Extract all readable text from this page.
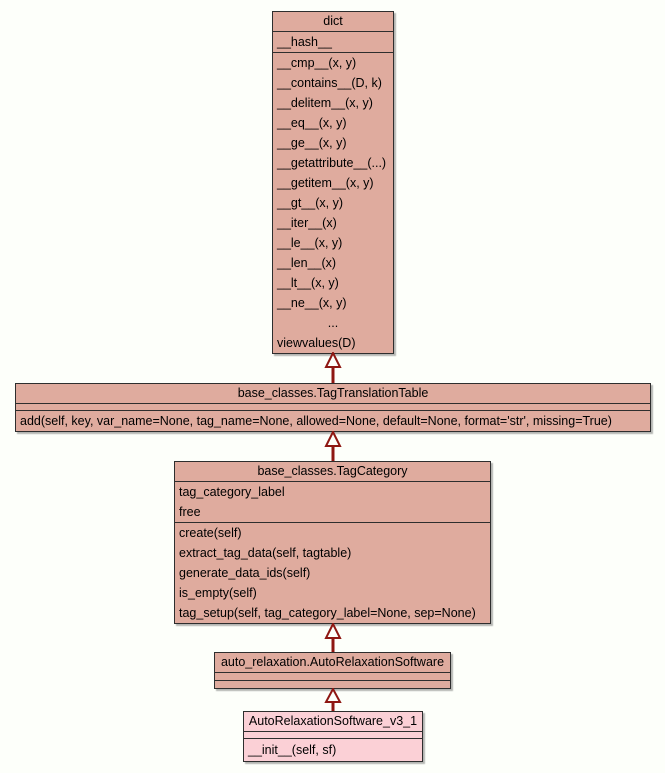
dict
__hash__
__cmp__(x, y)
__contains__(D, k)
__delitem__(x, y)
__eq__(x, y)
__ge__(x, y)
__getattribute__(...)
__getitem__(x, y)
__gt__(x, y)
__iter__(x)
__le__(x, y)
__len__(x)
__lt__(x, y)
__ne__(x, y)
...
viewvalues(D)
base_classes.TagTranslationTable
add(self, key, var_name=None, tag_name=None, allowed=None, default=None, format='str', missing=True)
base_classes.TagCategory
tag_category_label
free
create(self)
extract_tag_data(self, tagtable)
generate_data_ids(self)
is_empty(self)
tag_setup(self, tag_category_label=None, sep=None)
auto_relaxation.AutoRelaxationSoftware
AutoRelaxationSoftware_v3_1
__init__(self, sf)
